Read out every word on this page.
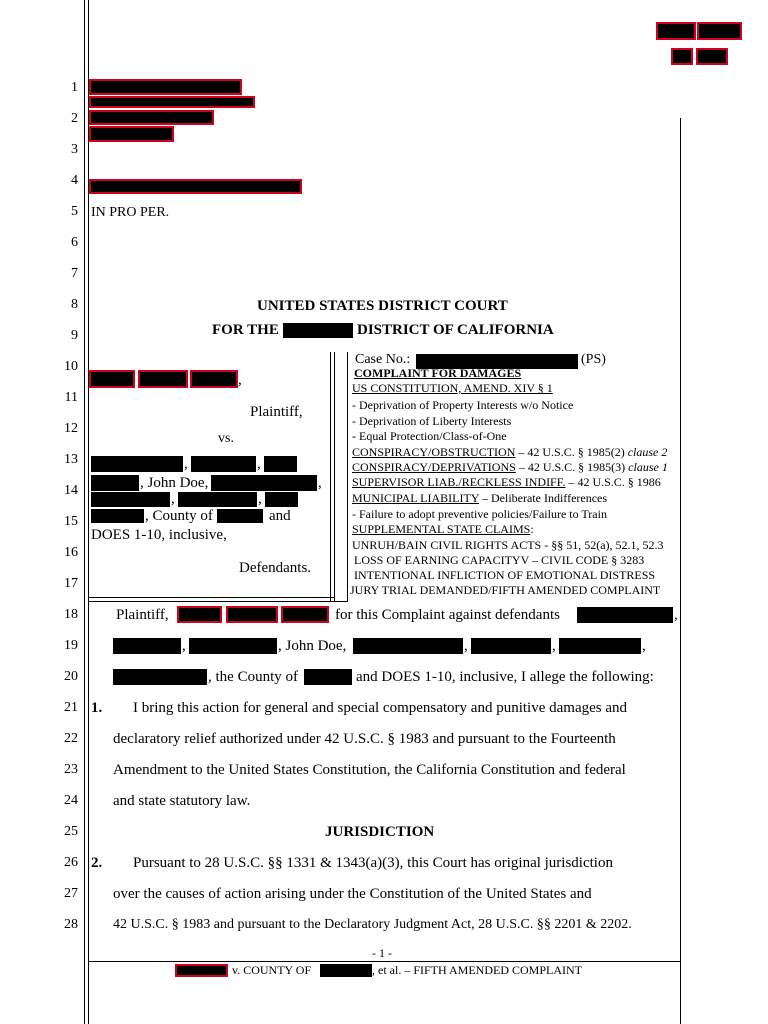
1
2
3
4
5
6
7
8
9
10
11
12
13
14
15
16
17
18
19
20
21
22
23
24
25
26
27
28
IN PRO PER.
UNITED STATES DISTRICT COURT
FOR THE	DISTRICT OF CALIFORNIA
,
Plaintiff,
vs.
,	,
, John Doe,	,
,	,
, County of	and
DOES 1-10, inclusive,
Defendants.
Case No.:	(PS)
COMPLAINT FOR DAMAGES
US CONSTITUTION, AMEND. XIV § 1
- Deprivation of Property Interests w/o Notice
- Deprivation of Liberty Interests
- Equal Protection/Class-of-One
CONSPIRACY/OBSTRUCTION – 42 U.S.C. § 1985(2) clause 2
CONSPIRACY/DEPRIVATIONS – 42 U.S.C. § 1985(3) clause 1
SUPERVISOR LIAB./RECKLESS INDIFF. – 42 U.S.C. § 1986
MUNICIPAL LIABILITY – Deliberate Indifferences
- Failure to adopt preventive policies/Failure to Train
SUPPLEMENTAL STATE CLAIMS:
UNRUH/BAIN CIVIL RIGHTS ACTS - §§ 51, 52(a), 52.1, 52.3
LOSS OF EARNING CAPACITYV – CIVIL CODE § 3283
INTENTIONAL INFLICTION OF EMOTIONAL DISTRESS
JURY TRIAL DEMANDED/FIFTH AMENDED COMPLAINT
Plaintiff,	for this Complaint against defendants	,
,	, John Doe,	,	,	,
, the County of	and DOES 1-10, inclusive, I allege the following:
1. I bring this action for general and special compensatory and punitive damages and
declaratory relief authorized under 42 U.S.C. § 1983 and pursuant to the Fourteenth
Amendment to the United States Constitution, the California Constitution and federal
and state statutory law.
JURISDICTION
2. Pursuant to 28 U.S.C. §§ 1331 & 1343(a)(3), this Court has original jurisdiction
over the causes of action arising under the Constitution of the United States and
42 U.S.C. § 1983 and pursuant to the Declaratory Judgment Act, 28 U.S.C. §§ 2201 & 2202.
- 1 -
v. COUNTY OF	, et al. – FIFTH AMENDED COMPLAINT
